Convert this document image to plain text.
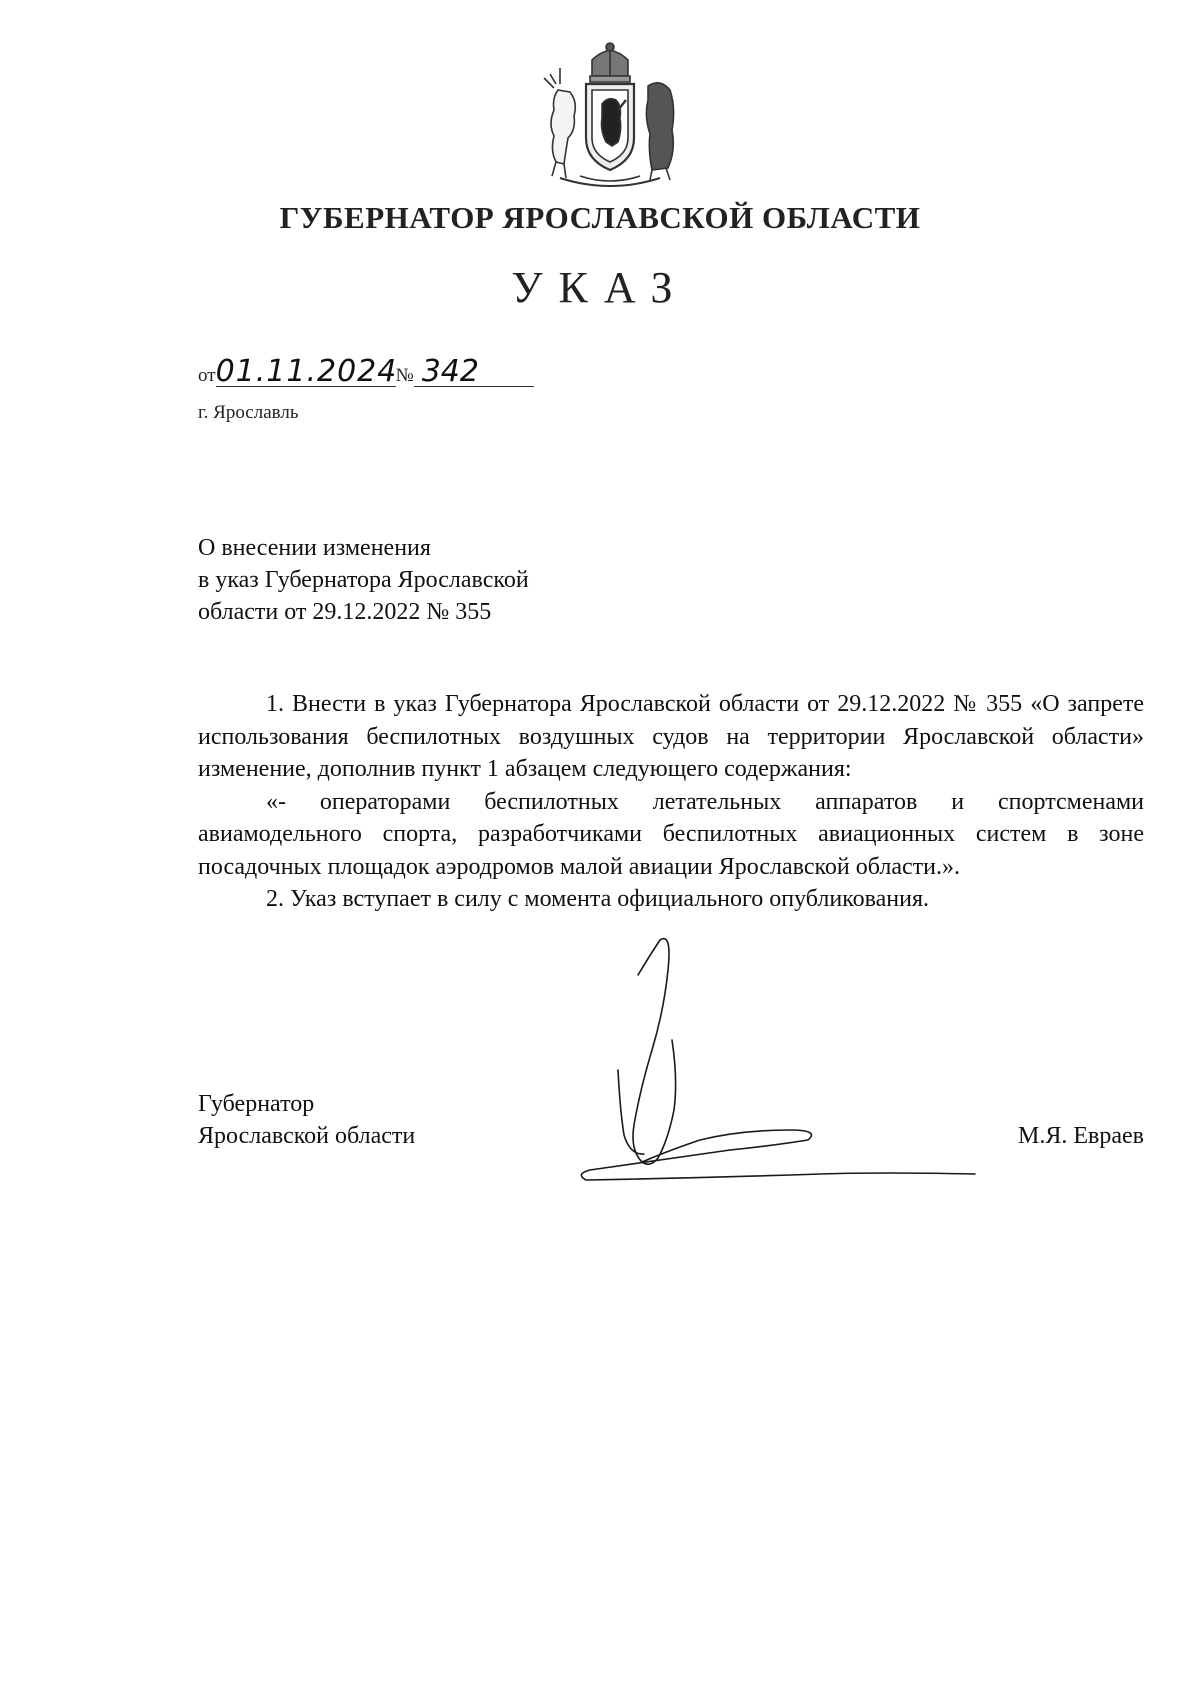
ГУБЕРНАТОР ЯРОСЛАВСКОЙ ОБЛАСТИ
УКАЗ
от01.11.2024№ 342
г. Ярославль
О внесении изменения
в указ Губернатора Ярославской
области от 29.12.2022 № 355

1. Внести в указ Губернатора Ярославской области от 29.12.2022 № 355 «О запрете использования беспилотных воздушных судов на территории Ярославской области» изменение, дополнив пункт 1 абзацем следующего содержания:

«- операторами беспилотных летательных аппаратов и спортсменами авиамодельного спорта, разработчиками беспилотных авиационных систем в зоне посадочных площадок аэродромов малой авиации Ярославской области.».

2. Указ вступает в силу с момента официального опубликования.

Губернатор
Ярославской области	М.Я. Евраев
